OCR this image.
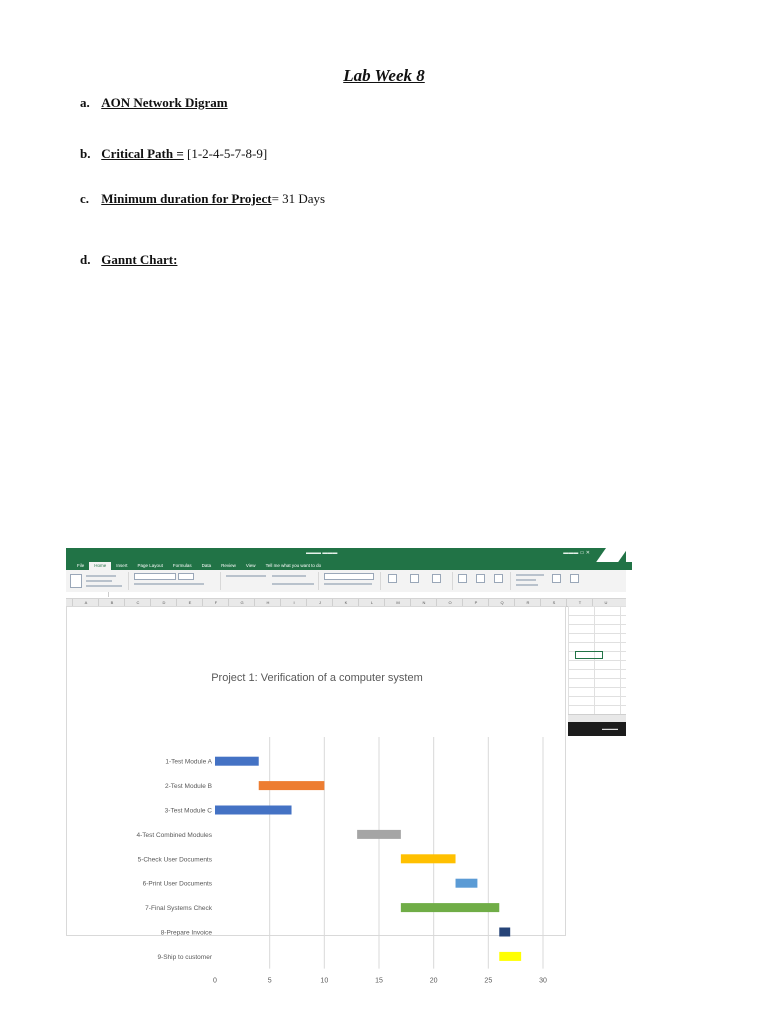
Lab Week 8
a. AON Network Digram
b. Critical Path = [1-2-4-5-7-8-9]
c. Minimum duration for Project= 31 Days
d. Gannt Chart:
▬▬▬ ▬▬▬	▬▬▬ ▭ ✕
File	Home	Insert	Page Layout	Formulas	Data	Review	View	Tell me what you want to do
A	B	C	D	E	F	G	H	I	J	K	L	M	N	O	P	Q	R	S	T	U
▬▬▬▬
Project 1: Verification of a computer system
0	5	10	15	20	25	30
1-Test Module A
2-Test Module B
3-Test Module C
4-Test Combined Modules
5-Check User Documents
6-Print User Documents
7-Final Systems Check
8-Prepare Invoice
9-Ship to customer
